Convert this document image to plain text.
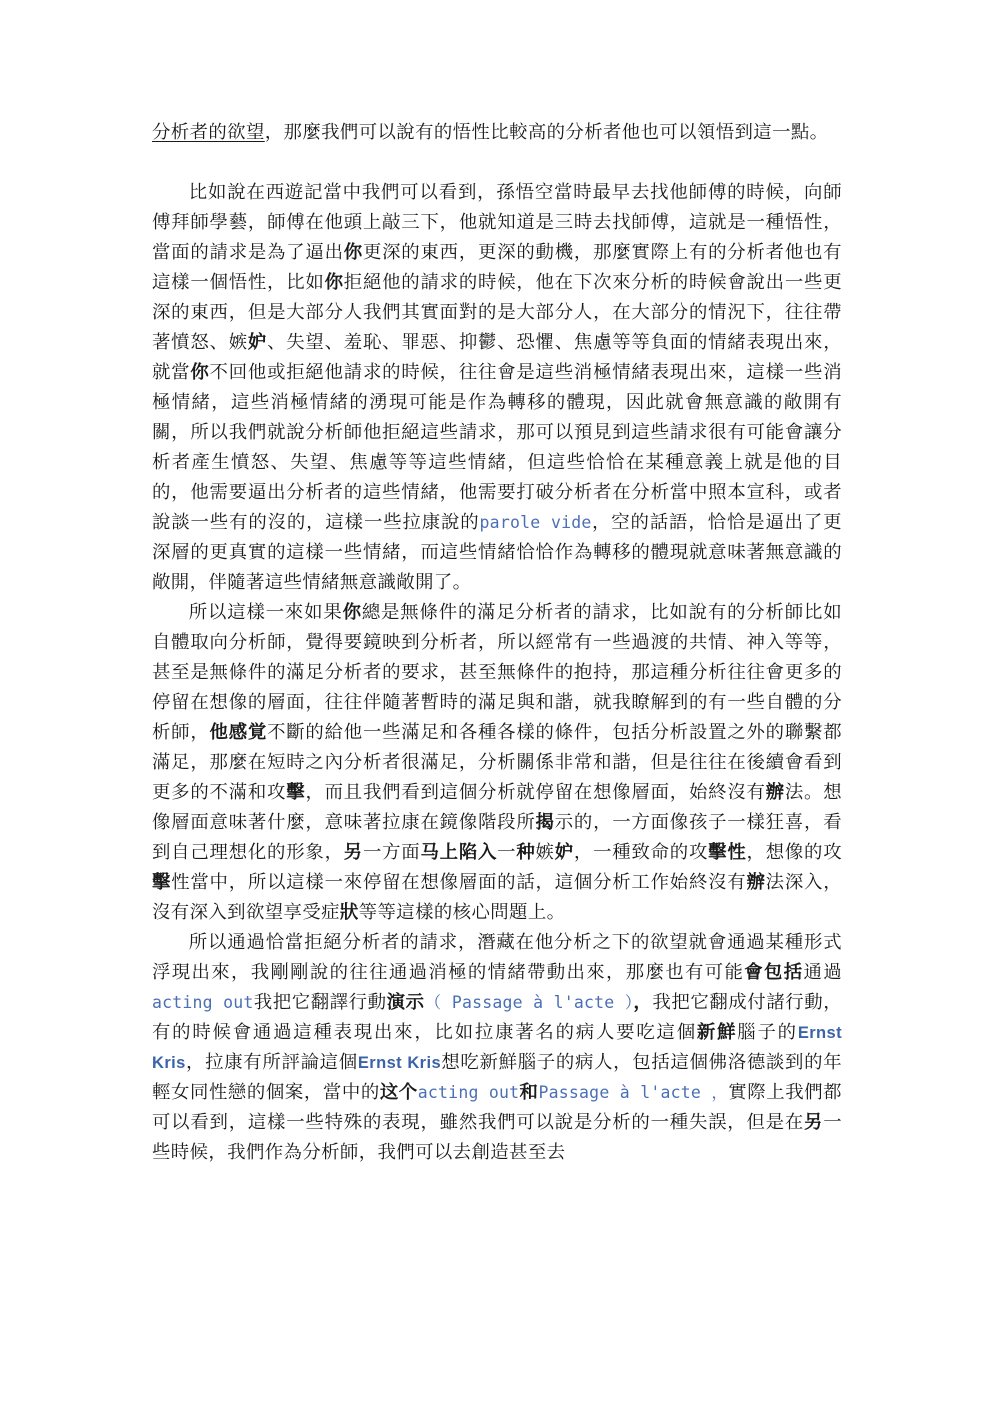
分析者的欲望，那麼我們可以說有的悟性比較高的分析者他也可以領悟到這一點。

比如說在西遊記當中我們可以看到，孫悟空當時最早去找他師傅的時候，向師傅拜師學藝，師傅在他頭上敲三下，他就知道是三時去找師傅，這就是一種悟性，當面的請求是為了逼出你更深的東西，更深的動機，那麼實際上有的分析者他也有這樣一個悟性，比如你拒絕他的請求的時候，他在下次來分析的時候會說出一些更深的東西，但是大部分人我們其實面對的是大部分人，在大部分的情況下，往往帶著憤怒、嫉妒、失望、羞恥、罪惡、抑鬱、恐懼、焦慮等等負面的情緒表現出來，就當你不回他或拒絕他請求的時候，往往會是這些消極情緒表現出來，這樣一些消極情緒，這些消極情緒的湧現可能是作為轉移的體現，因此就會無意識的敞開有關，所以我們就說分析師他拒絕這些請求，那可以預見到這些請求很有可能會讓分析者產生憤怒、失望、焦慮等等這些情緒，但這些恰恰在某種意義上就是他的目的，他需要逼出分析者的這些情緒，他需要打破分析者在分析當中照本宣科，或者說談一些有的沒的，這樣一些拉康說的parole vide，空的話語，恰恰是逼出了更深層的更真實的這樣一些情緒，而這些情緒恰恰作為轉移的體現就意味著無意識的敞開，伴隨著這些情緒無意識敞開了。

所以這樣一來如果你總是無條件的滿足分析者的請求，比如說有的分析師比如自體取向分析師，覺得要鏡映到分析者，所以經常有一些過渡的共情、神入等等，甚至是無條件的滿足分析者的要求，甚至無條件的抱持，那這種分析往往會更多的停留在想像的層面，往往伴隨著暫時的滿足與和諧，就我瞭解到的有一些自體的分析師，他感覚不斷的給他一些滿足和各種各樣的條件，包括分析設置之外的聯繫都滿足，那麼在短時之內分析者很滿足，分析關係非常和諧，但是往往在後續會看到更多的不滿和攻擊，而且我們看到這個分析就停留在想像層面，始終沒有辦法。想像層面意味著什麼，意味著拉康在鏡像階段所揭示的，一方面像孩子一樣狂喜，看到自己理想化的形象，另一方面马上陷入一种嫉妒，一種致命的攻擊性，想像的攻擊性當中，所以這樣一來停留在想像層面的話，這個分析工作始終沒有辦法深入，沒有深入到欲望享受症狀等等這樣的核心問題上。

所以通過恰當拒絕分析者的請求，潛藏在他分析之下的欲望就會通過某種形式浮現出來，我剛剛說的往往通過消極的情緒帶動出來，那麼也有可能會包括通過acting out我把它翻譯行動演示（ Passage à l'acte ），我把它翻成付諸行動，有的時候會通過這種表現出來，比如拉康著名的病人要吃這個新鮮腦子的Ernst Kris，拉康有所評論這個Ernst Kris想吃新鮮腦子的病人，包括這個佛洛德談到的年輕女同性戀的個案，當中的这个acting out和Passage à l'acte ，實際上我們都可以看到，這樣一些特殊的表現，雖然我們可以說是分析的一種失誤，但是在另一些時候，我們作為分析師，我們可以去創造甚至去
